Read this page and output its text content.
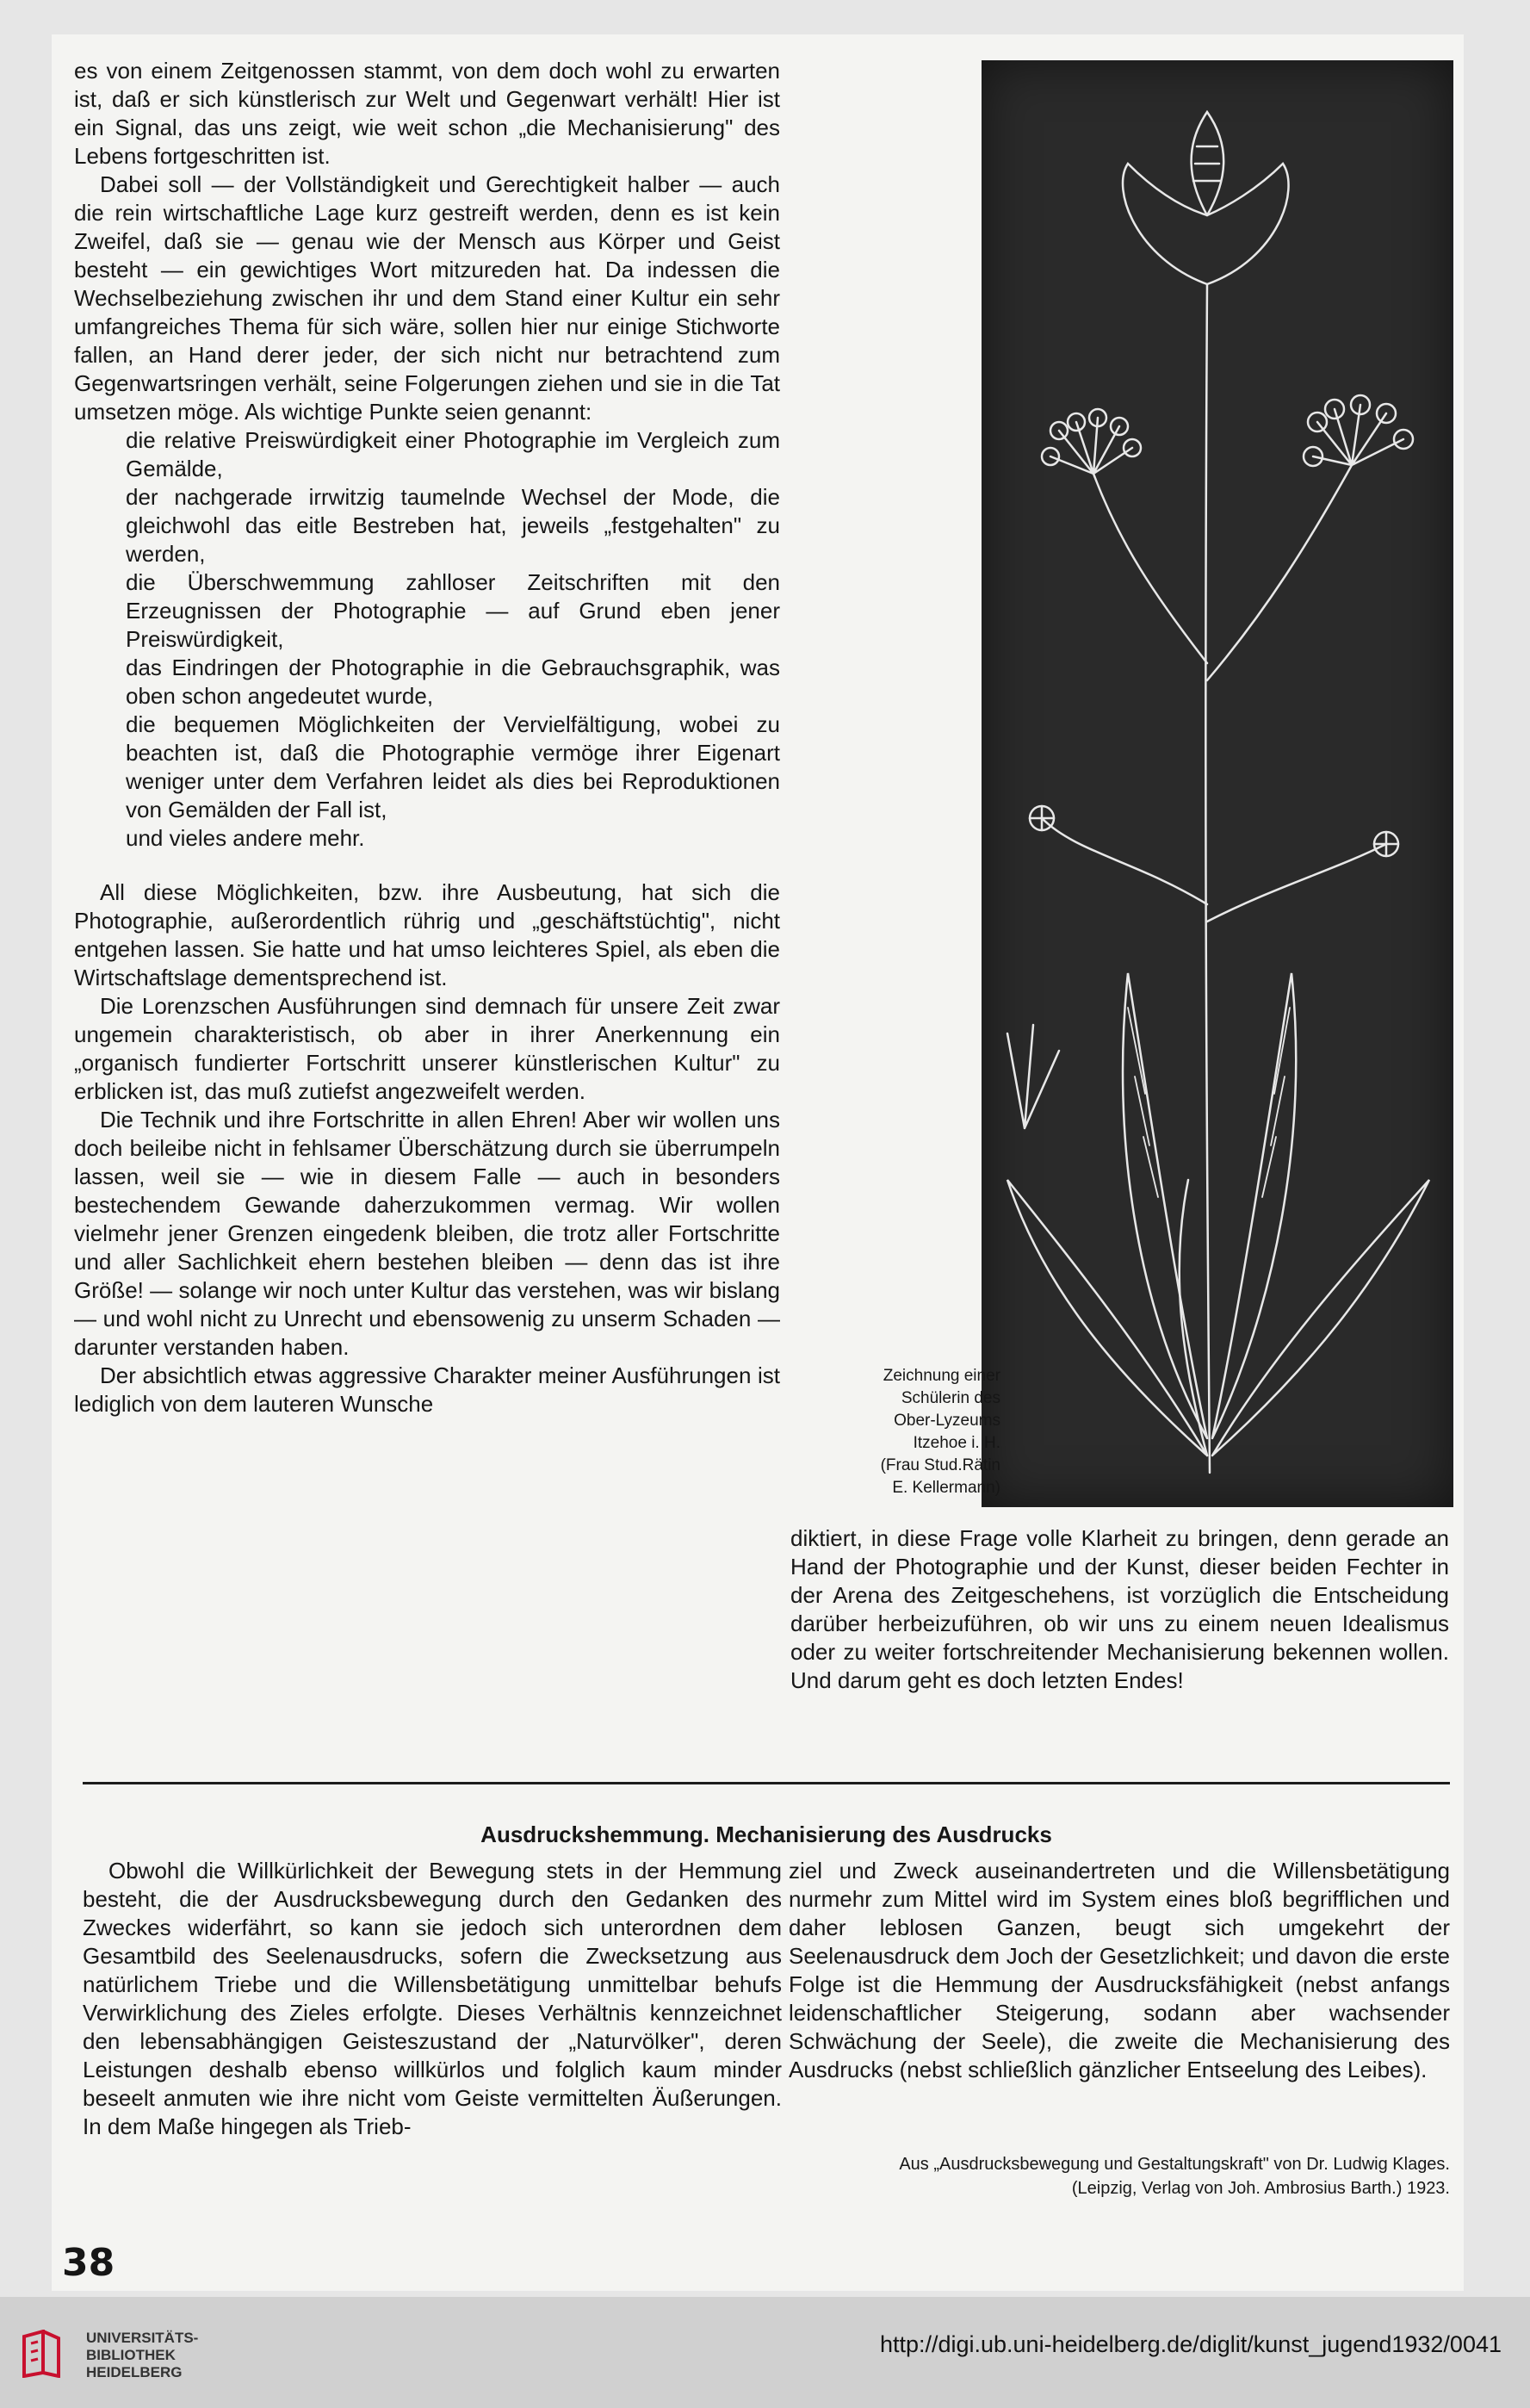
es von einem Zeitgenossen stammt, von dem doch wohl zu erwarten ist, daß er sich künstlerisch zur Welt und Gegenwart verhält! Hier ist ein Signal, das uns zeigt, wie weit schon „die Mechanisierung" des Lebens fortgeschritten ist.

Dabei soll — der Vollständigkeit und Gerechtigkeit halber — auch die rein wirtschaftliche Lage kurz gestreift werden, denn es ist kein Zweifel, daß sie — genau wie der Mensch aus Körper und Geist besteht — ein gewichtiges Wort mitzureden hat. Da indessen die Wechselbeziehung zwischen ihr und dem Stand einer Kultur ein sehr umfangreiches Thema für sich wäre, sollen hier nur einige Stichworte fallen, an Hand derer jeder, der sich nicht nur betrachtend zum Gegenwartsringen verhält, seine Folgerungen ziehen und sie in die Tat umsetzen möge. Als wichtige Punkte seien genannt:

die relative Preiswürdigkeit einer Photographie im Vergleich zum Gemälde,
der nachgerade irrwitzig taumelnde Wechsel der Mode, die gleichwohl das eitle Bestreben hat, jeweils „festgehalten" zu werden,
die Überschwemmung zahlloser Zeitschriften mit den Erzeugnissen der Photographie — auf Grund eben jener Preiswürdigkeit,
das Eindringen der Photographie in die Gebrauchsgraphik, was oben schon angedeutet wurde,
die bequemen Möglichkeiten der Vervielfältigung, wobei zu beachten ist, daß die Photographie vermöge ihrer Eigenart weniger unter dem Verfahren leidet als dies bei Reproduktionen von Gemälden der Fall ist,
und vieles andere mehr.

All diese Möglichkeiten, bzw. ihre Ausbeutung, hat sich die Photographie, außerordentlich rührig und „geschäftstüchtig", nicht entgehen lassen. Sie hatte und hat umso leichteres Spiel, als eben die Wirtschaftslage dementsprechend ist.

Die Lorenzschen Ausführungen sind demnach für unsere Zeit zwar ungemein charakteristisch, ob aber in ihrer Anerkennung ein „organisch fundierter Fortschritt unserer künstlerischen Kultur" zu erblicken ist, das muß zutiefst angezweifelt werden.

Die Technik und ihre Fortschritte in allen Ehren! Aber wir wollen uns doch beileibe nicht in fehlsamer Überschätzung durch sie überrumpeln lassen, weil sie — wie in diesem Falle — auch in besonders bestechendem Gewande daherzukommen vermag. Wir wollen vielmehr jener Grenzen eingedenk bleiben, die trotz aller Fortschritte und aller Sachlichkeit ehern bestehen bleiben — denn das ist ihre Größe! — solange wir noch unter Kultur das verstehen, was wir bislang — und wohl nicht zu Unrecht und ebensowenig zu unserm Schaden — darunter verstanden haben.

Der absichtlich etwas aggressive Charakter meiner Ausführungen ist lediglich von dem lauteren Wunsche

Zeichnung einer
Schülerin des
Ober-Lyzeums
Itzehoe i. H.
(Frau Stud.Rätin
E. Kellermann)

diktiert, in diese Frage volle Klarheit zu bringen, denn gerade an Hand der Photographie und der Kunst, dieser beiden Fechter in der Arena des Zeitgeschehens, ist vorzüglich die Entscheidung darüber herbeizuführen, ob wir uns zu einem neuen Idealismus oder zu weiter fortschreitender Mechanisierung bekennen wollen. Und darum geht es doch letzten Endes!

Ausdruckshemmung. Mechanisierung des Ausdrucks

Obwohl die Willkürlichkeit der Bewegung stets in der Hemmung besteht, die der Ausdrucksbewegung durch den Gedanken des Zweckes widerfährt, so kann sie jedoch sich unterordnen dem Gesamtbild des Seelenausdrucks, sofern die Zwecksetzung aus natürlichem Triebe und die Willensbetätigung unmittelbar behufs Verwirklichung des Zieles erfolgte. Dieses Verhältnis kennzeichnet den lebensabhängigen Geisteszustand der „Naturvölker", deren Leistungen deshalb ebenso willkürlos und folglich kaum minder beseelt anmuten wie ihre nicht vom Geiste vermittelten Äußerungen. In dem Maße hingegen als Trieb-

ziel und Zweck auseinandertreten und die Willensbetätigung nurmehr zum Mittel wird im System eines bloß begrifflichen und daher leblosen Ganzen, beugt sich umgekehrt der Seelenausdruck dem Joch der Gesetzlichkeit; und davon die erste Folge ist die Hemmung der Ausdrucksfähigkeit (nebst anfangs leidenschaftlicher Steigerung, sodann aber wachsender Schwächung der Seele), die zweite die Mechanisierung des Ausdrucks (nebst schließlich gänzlicher Entseelung des Leibes).

Aus „Ausdrucksbewegung und Gestaltungskraft" von Dr. Ludwig Klages.
(Leipzig, Verlag von Joh. Ambrosius Barth.) 1923.
38
UNIVERSITÄTS-
BIBLIOTHEK
HEIDELBERG
http://digi.ub.uni-heidelberg.de/diglit/kunst_jugend1932/0041
